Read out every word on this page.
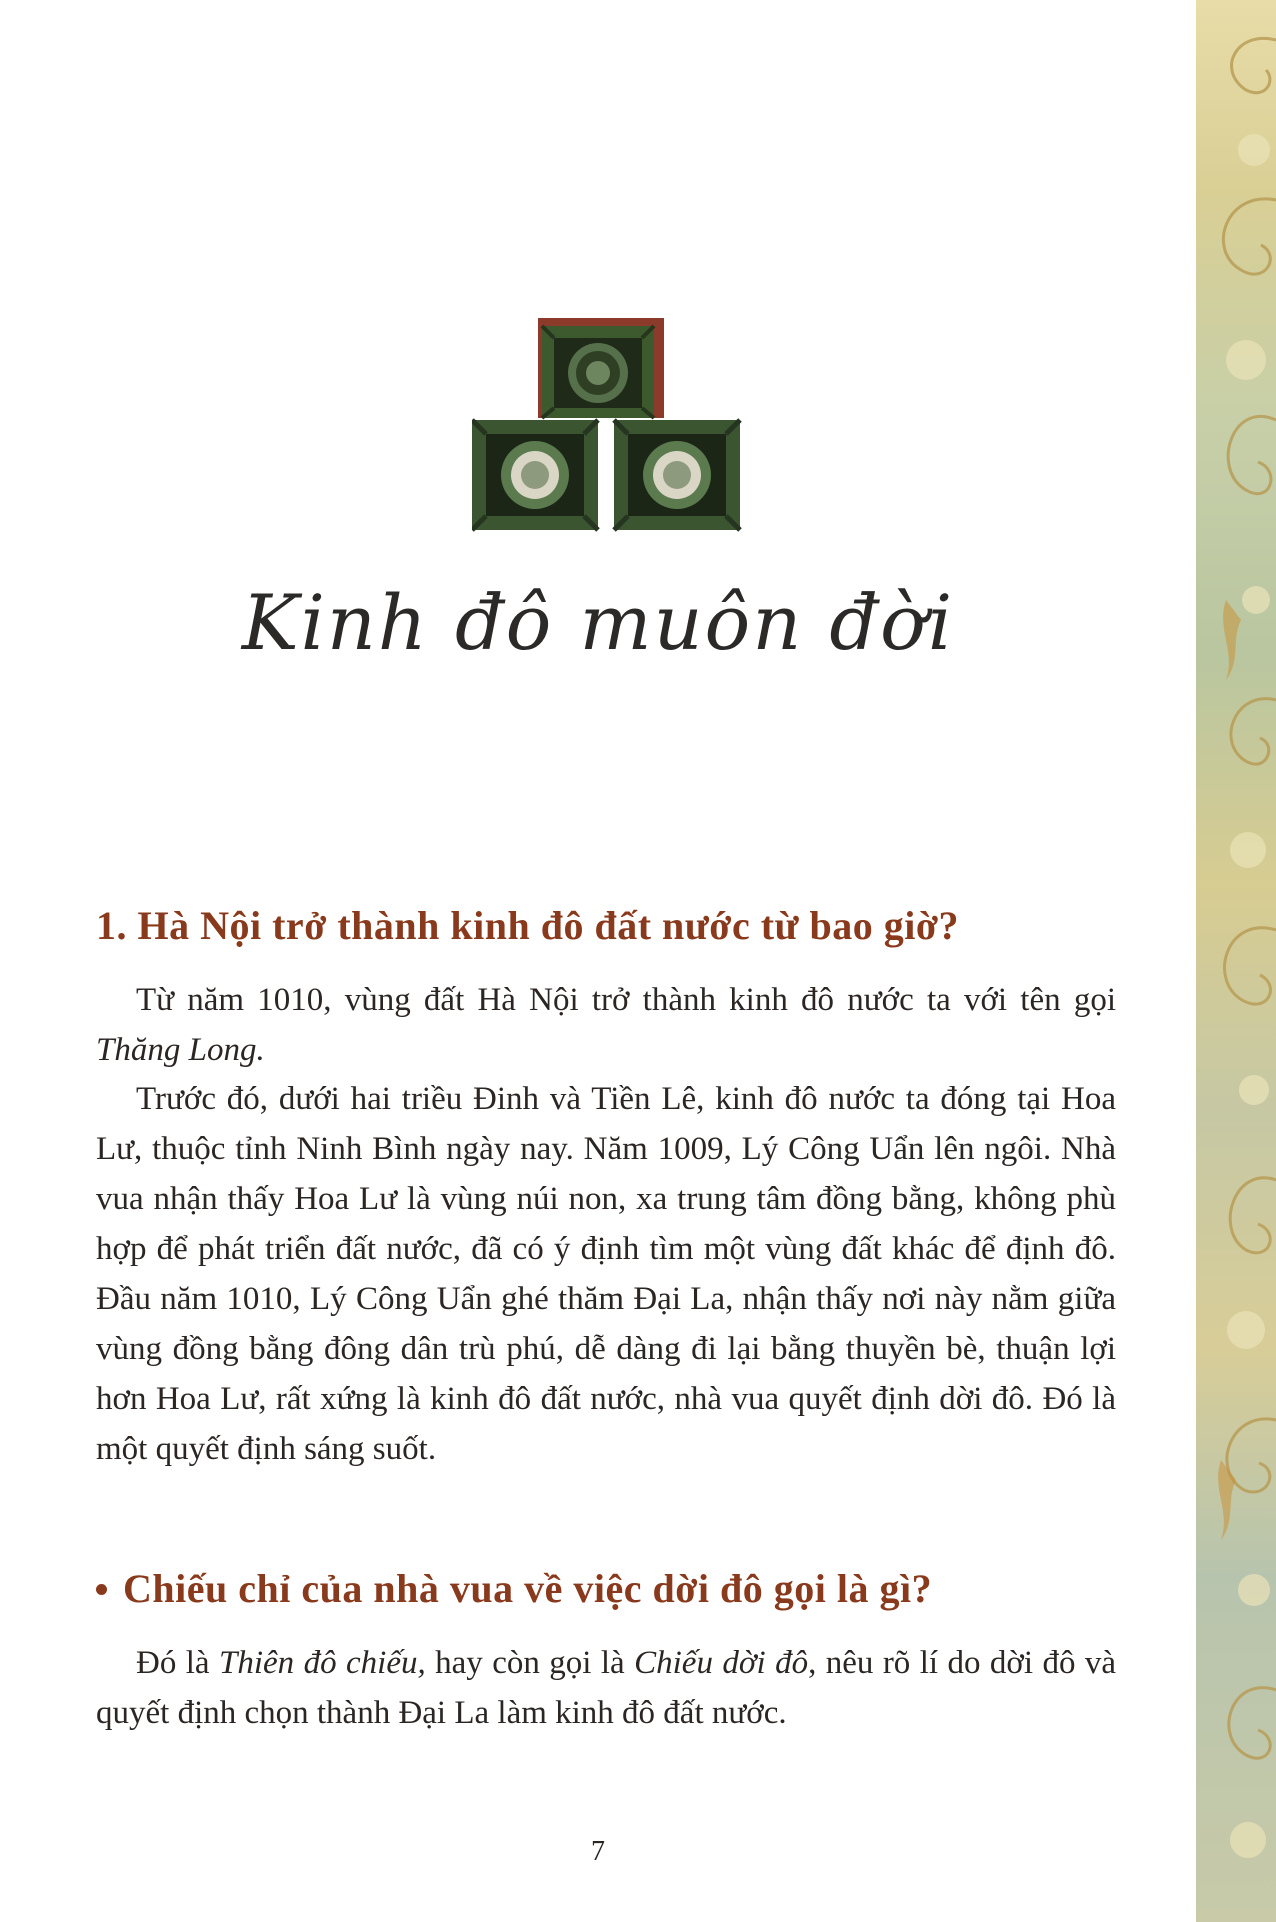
Kinh đô muôn đời
1. Hà Nội trở thành kinh đô đất nước từ bao giờ?

Từ năm 1010, vùng đất Hà Nội trở thành kinh đô nước ta với tên gọi Thăng Long.

Trước đó, dưới hai triều Đinh và Tiền Lê, kinh đô nước ta đóng tại Hoa Lư, thuộc tỉnh Ninh Bình ngày nay. Năm 1009, Lý Công Uẩn lên ngôi. Nhà vua nhận thấy Hoa Lư là vùng núi non, xa trung tâm đồng bằng, không phù hợp để phát triển đất nước, đã có ý định tìm một vùng đất khác để định đô. Đầu năm 1010, Lý Công Uẩn ghé thăm Đại La, nhận thấy nơi này nằm giữa vùng đồng bằng đông dân trù phú, dễ dàng đi lại bằng thuyền bè, thuận lợi hơn Hoa Lư, rất xứng là kinh đô đất nước, nhà vua quyết định dời đô. Đó là một quyết định sáng suốt.

Chiếu chỉ của nhà vua về việc dời đô gọi là gì?

Đó là Thiên đô chiếu, hay còn gọi là Chiếu dời đô, nêu rõ lí do dời đô và quyết định chọn thành Đại La làm kinh đô đất nước.

7
